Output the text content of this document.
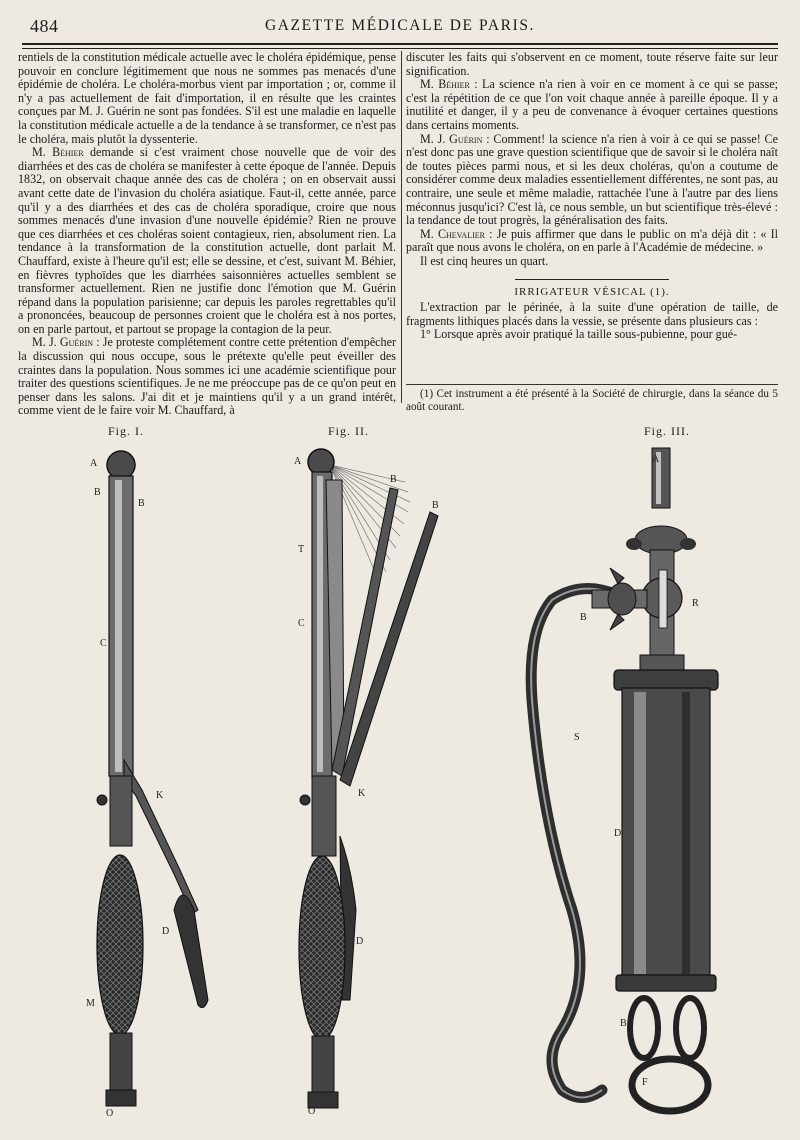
484	GAZETTE MÉDICALE DE PARIS.

rentiels de la constitution médicale actuelle avec le choléra épidémique, pense pouvoir en conclure légitimement que nous ne sommes pas menacés d'une épidémie de choléra. Le choléra-morbus vient par importation ; or, comme il n'y a pas actuellement de fait d'importation, il en résulte que les craintes conçues par M. J. Guérin ne sont pas fondées. S'il est une maladie en laquelle la constitution médicale actuelle a de la tendance à se transformer, ce n'est pas le choléra, mais plutôt la dyssenterie.

M. Béhier demande si c'est vraiment chose nouvelle que de voir des diarrhées et des cas de choléra se manifester à cette époque de l'année. Depuis 1832, on observait chaque année des cas de choléra ; on en observait aussi avant cette date de l'invasion du choléra asiatique. Faut-il, cette année, parce qu'il y a des diarrhées et des cas de choléra sporadique, croire que nous sommes menacés d'une invasion d'une nouvelle épidémie? Rien ne prouve que ces diarrhées et ces choléras soient contagieux, rien, absolument rien. La tendance à la transformation de la constitution actuelle, dont parlait M. Chauffard, existe à l'heure qu'il est; elle se dessine, et c'est, suivant M. Béhier, en fièvres typhoïdes que les diarrhées saisonnières actuelles semblent se transformer actuellement. Rien ne justifie donc l'émotion que M. Guérin répand dans la population parisienne; car depuis les paroles regrettables qu'il a prononcées, beaucoup de personnes croient que le choléra est à nos portes, on en parle partout, et partout se propage la contagion de la peur.

M. J. Guérin : Je proteste complétement contre cette prétention d'empêcher la discussion qui nous occupe, sous le prétexte qu'elle peut éveiller des craintes dans la population. Nous sommes ici une académie scientifique pour traiter des questions scientifiques. Je ne me préoccupe pas de ce qu'on peut en penser dans les salons. J'ai dit et je maintiens qu'il y a un grand intérêt, comme vient de le faire voir M. Chauffard, à

discuter les faits qui s'observent en ce moment, toute réserve faite sur leur signification.

M. Béhier : La science n'a rien à voir en ce moment à ce qui se passe; c'est la répétition de ce que l'on voit chaque année à pareille époque. Il y a inutilité et danger, il y a peu de convenance à évoquer certaines questions dans certains moments.

M. J. Guérin : Comment! la science n'a rien à voir à ce qui se passe! Ce n'est donc pas une grave question scientifique que de savoir si le choléra naît de toutes pièces parmi nous, et si les deux choléras, qu'on a coutume de considérer comme deux maladies essentiellement différentes, ne sont pas, au contraire, une seule et même maladie, rattachée l'une à l'autre par des liens méconnus jusqu'ici? C'est là, ce nous semble, un but scientifique très-élevé : la tendance de tout progrès, la généralisation des faits.

M. Chevalier : Je puis affirmer que dans le public on m'a déjà dit : « Il paraît que nous avons le choléra, on en parle à l'Académie de médecine. »

Il est cinq heures un quart.

IRRIGATEUR VÉSICAL (1).

L'extraction par le périnée, à la suite d'une opération de taille, de fragments lithiques placés dans la vessie, se présente dans plusieurs cas :

1° Lorsque après avoir pratiqué la taille sous-pubienne, pour gué-

(1) Cet instrument a été présenté à la Société de chirurgie, dans la séance du 5 août courant.

Fig. I.	Fig. II.	Fig. III.
A
B
B
C
K
D
M
O
A
B
B
T
C
K
D
O
A
B
R
S
D
B
F
